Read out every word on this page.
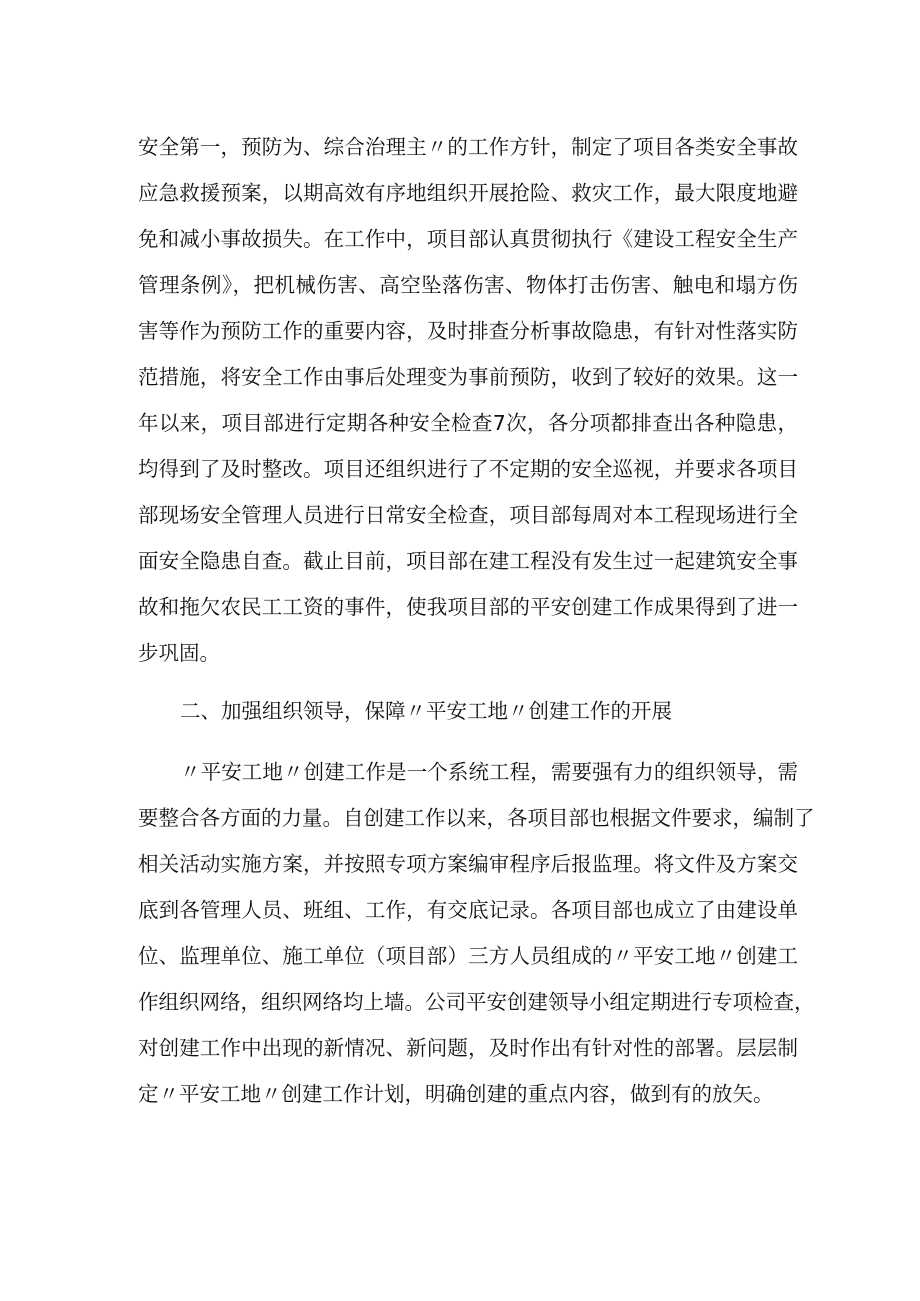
安全第一，预防为、综合治理主〃的工作方针，制定了项目各类安全事故
应急救援预案，以期高效有序地组织开展抢险、救灾工作，最大限度地避
免和减小事故损失。在工作中，项目部认真贯彻执行《建设工程安全生产
管理条例》，把机械伤害、高空坠落伤害、物体打击伤害、触电和塌方伤
害等作为预防工作的重要内容，及时排查分析事故隐患，有针对性落实防
范措施，将安全工作由事后处理变为事前预防，收到了较好的效果。这一
年以来，项目部进行定期各种安全检查7次，各分项都排查出各种隐患，
均得到了及时整改。项目还组织进行了不定期的安全巡视，并要求各项目
部现场安全管理人员进行日常安全检查，项目部每周对本工程现场进行全
面安全隐患自查。截止目前，项目部在建工程没有发生过一起建筑安全事
故和拖欠农民工工资的事件，使我项目部的平安创建工作成果得到了进一
步巩固。
二、加强组织领导，保障〃平安工地〃创建工作的开展
〃平安工地〃创建工作是一个系统工程，需要强有力的组织领导，需
要整合各方面的力量。自创建工作以来，各项目部也根据文件要求，编制了
相关活动实施方案，并按照专项方案编审程序后报监理。将文件及方案交
底到各管理人员、班组、工作，有交底记录。各项目部也成立了由建设单
位、监理单位、施工单位（项目部）三方人员组成的〃平安工地〃创建工
作组织网络，组织网络均上墙。公司平安创建领导小组定期进行专项检查，
对创建工作中出现的新情况、新问题，及时作出有针对性的部署。层层制
定〃平安工地〃创建工作计划，明确创建的重点内容，做到有的放矢。
